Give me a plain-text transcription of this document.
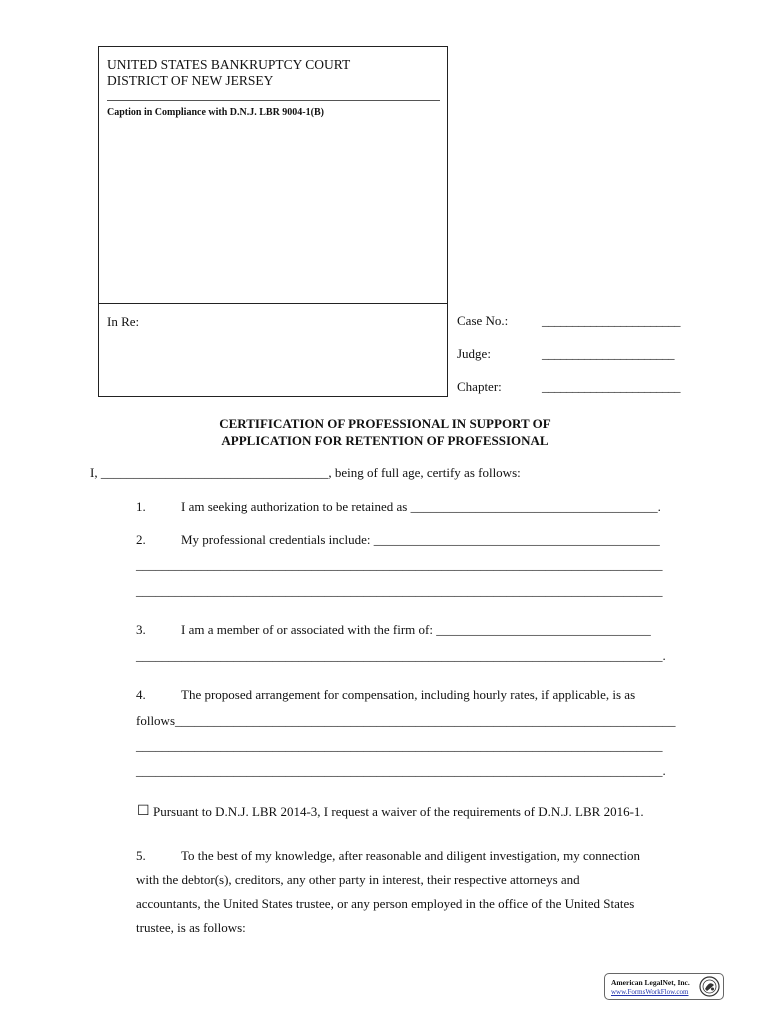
UNITED STATES BANKRUPTCY COURT
DISTRICT OF NEW JERSEY
Caption in Compliance with D.N.J. LBR 9004-1(B)
In Re:	Case No.:	_______________________
Judge:	______________________
Chapter:	_______________________
CERTIFICATION OF PROFESSIONAL IN SUPPORT OF
APPLICATION FOR RETENTION OF PROFESSIONAL
I, ___________________________________, being of full age, certify as follows:
1.	I am seeking authorization to be retained as ______________________________________.
2.	My professional credentials include: ____________________________________________
_________________________________________________________________________________
_________________________________________________________________________________
3.	I am a member of or associated with the firm of: _________________________________
_________________________________________________________________________________.
4.	The proposed arrangement for compensation, including hourly rates, if applicable, is as
follows_____________________________________________________________________________
_________________________________________________________________________________
_________________________________________________________________________________.
☐ Pursuant to D.N.J. LBR 2014-3, I request a waiver of the requirements of D.N.J. LBR 2016-1.
5.	To the best of my knowledge, after reasonable and diligent investigation, my connection
with the debtor(s), creditors, any other party in interest, their respective attorneys and
accountants, the United States trustee, or any person employed in the office of the United States
trustee, is as follows:
American LegalNet, Inc.
www.FormsWorkFlow.com
